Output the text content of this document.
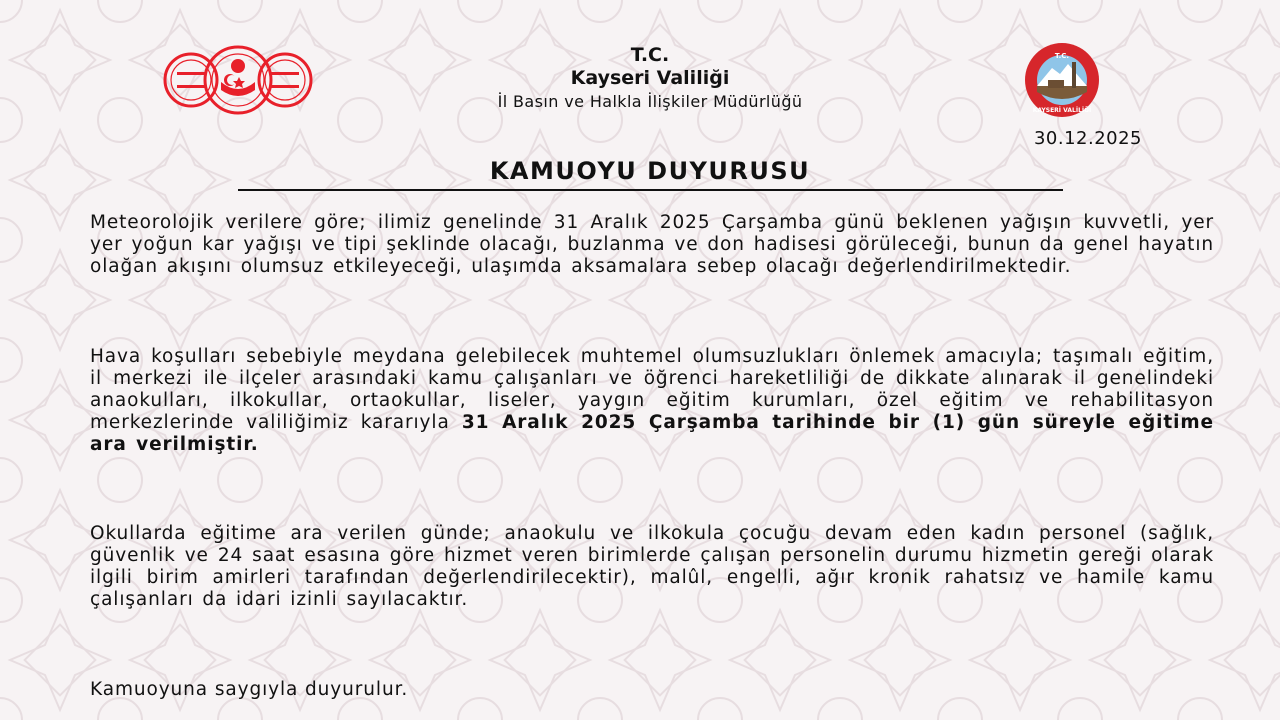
T.C.
Kayseri Valiliği
İl Basın ve Halkla İlişkiler Müdürlüğü
T.C.
KAYSERİ VALİLİĞİ
30.12.2025
KAMUOYU DUYURUSU

Meteorolojik verilere göre; ilimiz genelinde 31 Aralık 2025 Çarşamba günü beklenen yağışın kuvvetli, yer yer yoğun kar yağışı ve tipi şeklinde olacağı, buzlanma ve don hadisesi görüleceği, bunun da genel hayatın olağan akışını olumsuz etkileyeceği, ulaşımda aksamalara sebep olacağı değerlendirilmektedir.

Hava koşulları sebebiyle meydana gelebilecek muhtemel olumsuzlukları önlemek amacıyla; taşımalı eğitim, il merkezi ile ilçeler arasındaki kamu çalışanları ve öğrenci hareketliliği de dikkate alınarak il genelindeki anaokulları, ilkokullar, ortaokullar, liseler, yaygın eğitim kurumları, özel eğitim ve rehabilitasyon merkezlerinde valiliğimiz kararıyla 31 Aralık 2025 Çarşamba tarihinde bir (1) gün süreyle eğitime ara verilmiştir.

Okullarda eğitime ara verilen günde; anaokulu ve ilkokula çocuğu devam eden kadın personel (sağlık, güvenlik ve 24 saat esasına göre hizmet veren birimlerde çalışan personelin durumu hizmetin gereği olarak ilgili birim amirleri tarafından değerlendirilecektir), malûl, engelli, ağır kronik rahatsız ve hamile kamu çalışanları da idari izinli sayılacaktır.

Kamuoyuna saygıyla duyurulur.
